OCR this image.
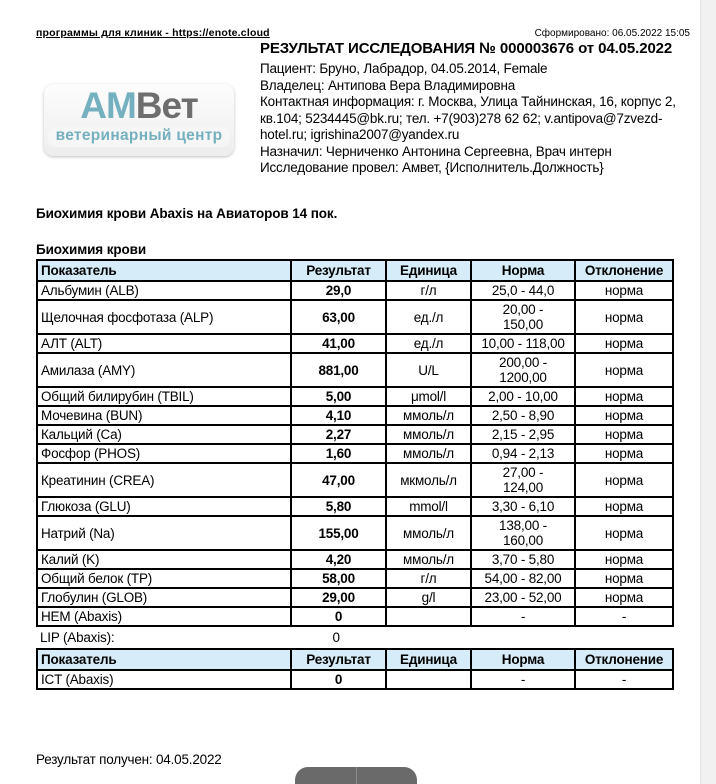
программы для клиник - https://enote.cloud	Сформировано: 06.05.2022 15:05
АМВет
ветеринарный центр
РЕЗУЛЬТАТ ИССЛЕДОВАНИЯ № 000003676 от 04.05.2022
Пациент: Бруно, Лабрадор, 04.05.2014, Female
Владелец: Антипова Вера Владимировна
Контактная информация: г. Москва, Улица Тайнинская, 16, корпус 2, кв.104; 5234445@bk.ru; тел. +7(903)278 62 62; v.antipova@7zvezd-hotel.ru; igrishina2007@yandex.ru
Назначил: Черниченко Антонина Сергеевна, Врач интерн
Исследование провел: Амвет, {Исполнитель.Должность}
Биохимия крови Abaxis на Авиаторов 14 пок.
Биохимия крови
Показатель	Результат	Единица	Норма	Отклонение
Альбумин (ALB)	29,0	г/л	25,0 - 44,0	норма
Щелочная фосфотаза (ALP)	63,00	ед./л	20,00 - 150,00	норма
АЛТ (ALT)	41,00	ед./л	10,00 - 118,00	норма
Амилаза (AMY)	881,00	U/L	200,00 - 1200,00	норма
Общий билирубин (TBIL)	5,00	μmol/l	2,00 - 10,00	норма
Мочевина (BUN)	4,10	ммоль/л	2,50 - 8,90	норма
Кальций (Ca)	2,27	ммоль/л	2,15 - 2,95	норма
Фосфор (PHOS)	1,60	ммоль/л	0,94 - 2,13	норма
Креатинин (CREA)	47,00	мкмоль/л	27,00 - 124,00	норма
Глюкоза (GLU)	5,80	mmol/l	3,30 - 6,10	норма
Натрий (Na)	155,00	ммоль/л	138,00 - 160,00	норма
Калий (K)	4,20	ммоль/л	3,70 - 5,80	норма
Общий белок (TP)	58,00	г/л	54,00 - 82,00	норма
Глобулин (GLOB)	29,00	g/l	23,00 - 52,00	норма
HEM (Abaxis)	0		-	-
LIP (Abaxis):	0
Показатель	Результат	Единица	Норма	Отклонение
ICT (Abaxis)	0		-	-
Результат получен: 04.05.2022
